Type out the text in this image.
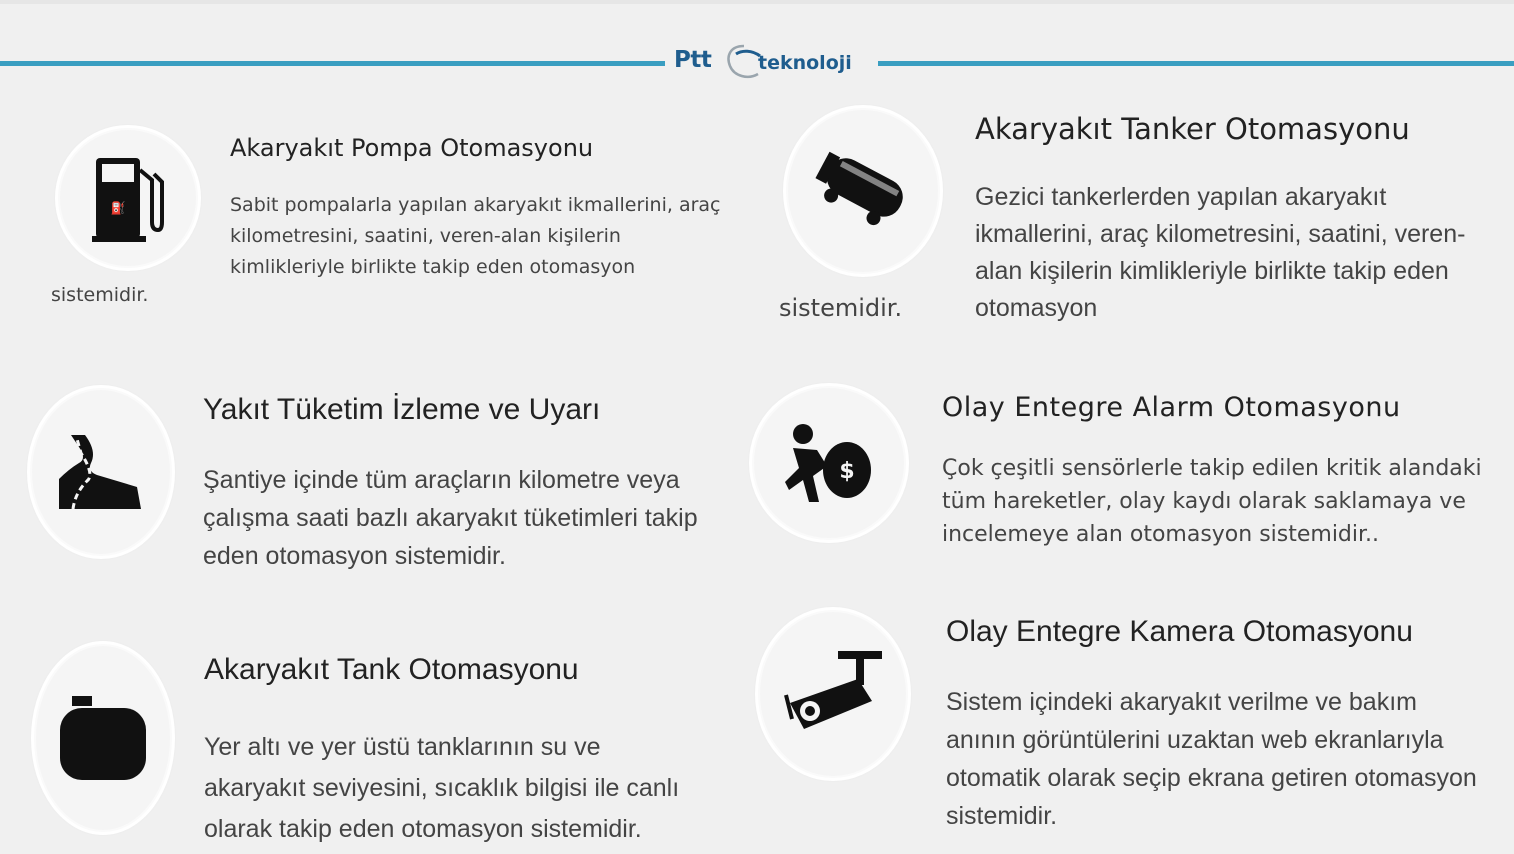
Ptt teknoloji
⛽
Akaryakıt Pompa Otomasyonu
Sabit pompalarla yapılan akaryakıt ikmallerini, araç kilometresini, saatini, veren-alan kişilerin kimlikleriyle birlikte takip eden otomasyon
sistemidir.
Akaryakıt Tanker Otomasyonu
Gezici tankerlerden yapılan akaryakıt ikmallerini, araç kilometresini, saatini, veren-alan kişilerin kimlikleriyle birlikte takip eden otomasyon
sistemidir.
Yakıt Tüketim İzleme ve Uyarı
Şantiye içinde tüm araçların kilometre veya çalışma saati bazlı akaryakıt tüketimleri takip eden otomasyon sistemidir.
$
Olay Entegre Alarm Otomasyonu
Çok çeşitli sensörlerle takip edilen kritik alandaki tüm hareketler, olay kaydı olarak saklamaya ve incelemeye alan otomasyon sistemidir..
Akaryakıt Tank Otomasyonu
Yer altı ve yer üstü tanklarının su ve akaryakıt seviyesini, sıcaklık bilgisi ile canlı olarak takip eden otomasyon sistemidir.
Olay Entegre Kamera Otomasyonu
Sistem içindeki akaryakıt verilme ve bakım anının görüntülerini uzaktan web ekranlarıyla otomatik olarak seçip ekrana getiren otomasyon sistemidir.
